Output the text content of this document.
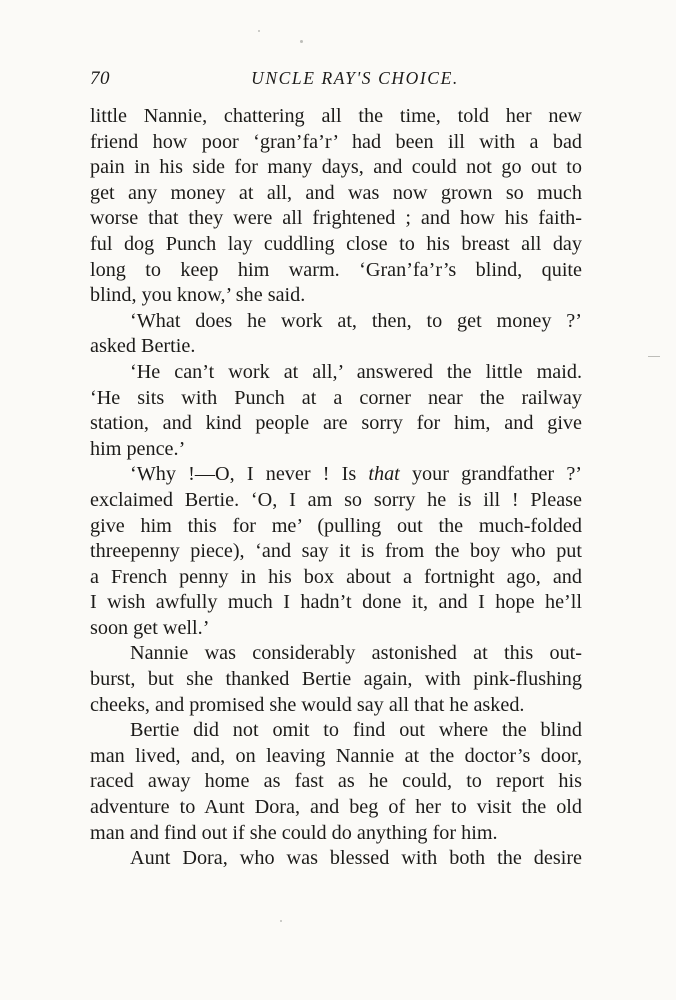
70	UNCLE RAY'S CHOICE.
little Nannie, chattering all the time, told her new
friend how poor ‘gran’fa’r’ had been ill with a bad
pain in his side for many days, and could not go out to
get any money at all, and was now grown so much
worse that they were all frightened ; and how his faith-
ful dog Punch lay cuddling close to his breast all day
long to keep him warm. ‘Gran’fa’r’s blind, quite
blind, you know,’ she said.
‘What does he work at, then, to get money ?’
asked Bertie.
‘He can’t work at all,’ answered the little maid.
‘He sits with Punch at a corner near the railway
station, and kind people are sorry for him, and give
him pence.’
‘Why !—O, I never ! Is that your grandfather ?’
exclaimed Bertie. ‘O, I am so sorry he is ill ! Please
give him this for me’ (pulling out the much-folded
threepenny piece), ‘and say it is from the boy who put
a French penny in his box about a fortnight ago, and
I wish awfully much I hadn’t done it, and I hope he’ll
soon get well.’
Nannie was considerably astonished at this out-
burst, but she thanked Bertie again, with pink-flushing
cheeks, and promised she would say all that he asked.
Bertie did not omit to find out where the blind
man lived, and, on leaving Nannie at the doctor’s door,
raced away home as fast as he could, to report his
adventure to Aunt Dora, and beg of her to visit the old
man and find out if she could do anything for him.
Aunt Dora, who was blessed with both the desire
